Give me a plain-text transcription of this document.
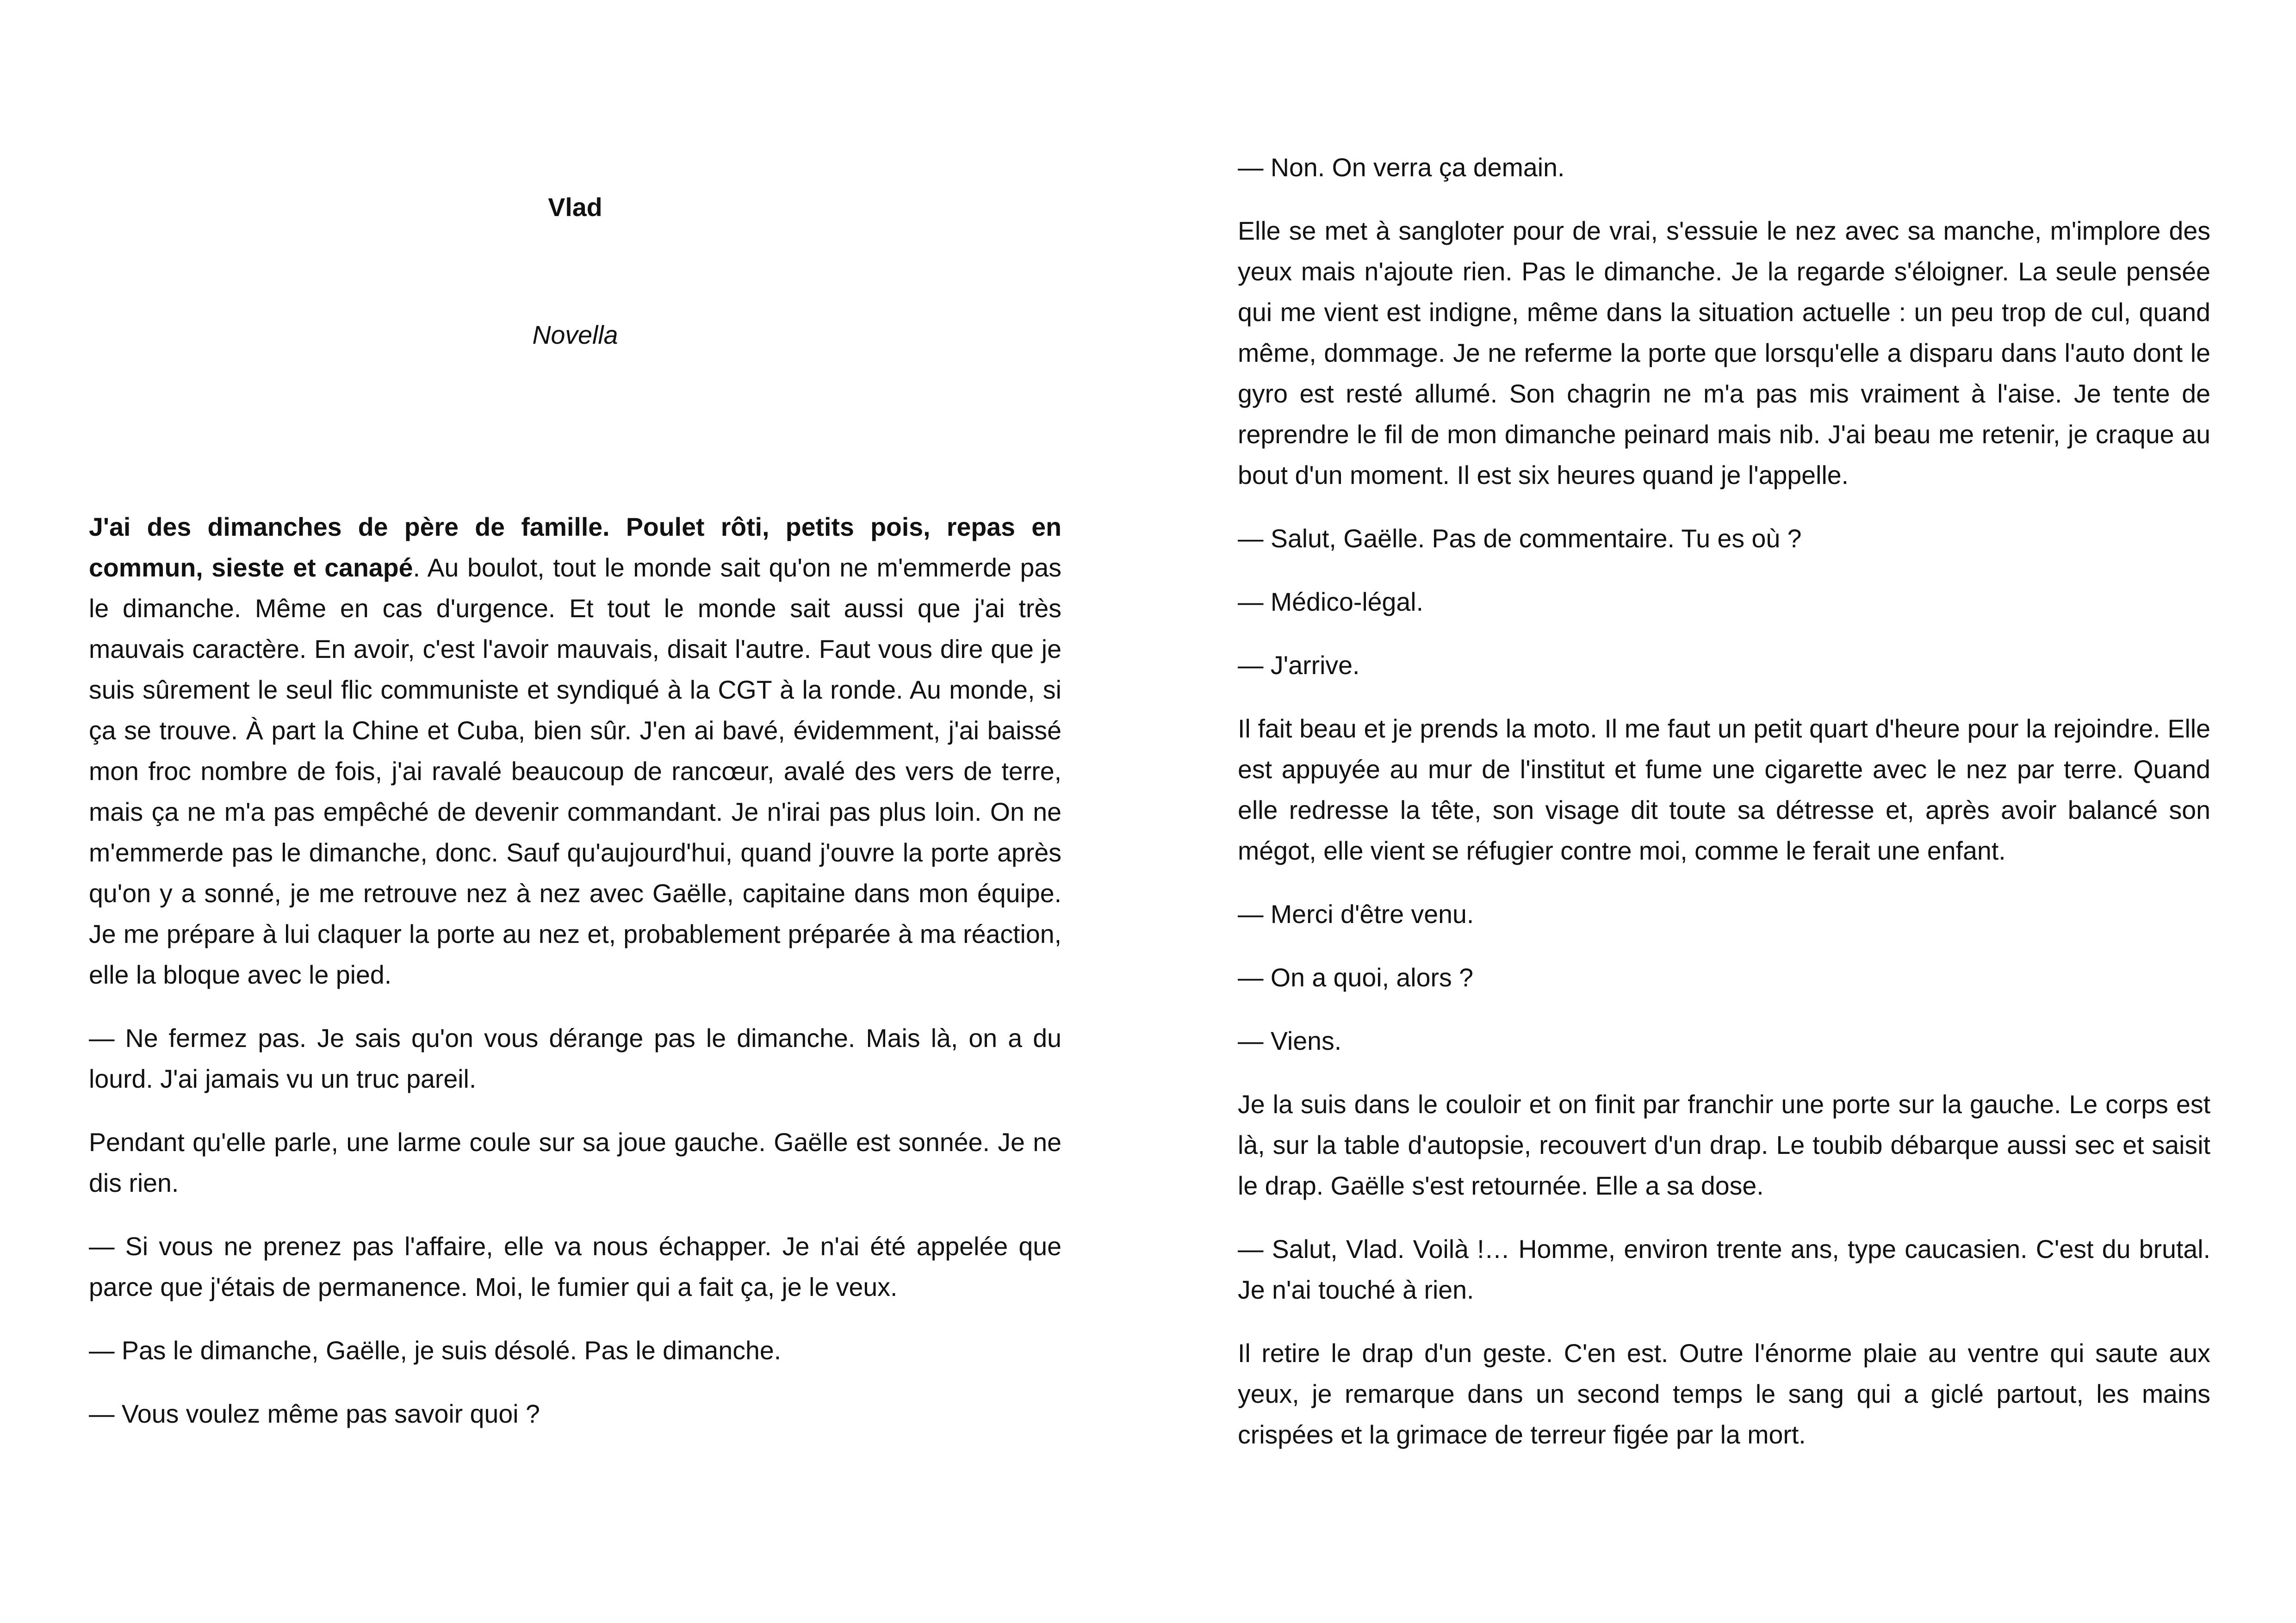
Vlad
Novella

J'ai des dimanches de père de famille. Poulet rôti, petits pois, repas en commun, sieste et canapé. Au boulot, tout le monde sait qu'on ne m'emmerde pas le dimanche. Même en cas d'urgence. Et tout le monde sait aussi que j'ai très mauvais caractère. En avoir, c'est l'avoir mauvais, disait l'autre. Faut vous dire que je suis sûrement le seul flic communiste et syndiqué à la CGT à la ronde. Au monde, si ça se trouve. À part la Chine et Cuba, bien sûr. J'en ai bavé, évidemment, j'ai baissé mon froc nombre de fois, j'ai ravalé beaucoup de rancœur, avalé des vers de terre, mais ça ne m'a pas empêché de devenir commandant. Je n'irai pas plus loin. On ne m'emmerde pas le dimanche, donc. Sauf qu'aujourd'hui, quand j'ouvre la porte après qu'on y a sonné, je me retrouve nez à nez avec Gaëlle, capitaine dans mon équipe. Je me prépare à lui claquer la porte au nez et, probablement préparée à ma réaction, elle la bloque avec le pied.

— Ne fermez pas. Je sais qu'on vous dérange pas le dimanche. Mais là, on a du lourd. J'ai jamais vu un truc pareil.

Pendant qu'elle parle, une larme coule sur sa joue gauche. Gaëlle est sonnée. Je ne dis rien.

— Si vous ne prenez pas l'affaire, elle va nous échapper. Je n'ai été appelée que parce que j'étais de permanence. Moi, le fumier qui a fait ça, je le veux.

— Pas le dimanche, Gaëlle, je suis désolé. Pas le dimanche.

— Vous voulez même pas savoir quoi ?

— Non. On verra ça demain.

Elle se met à sangloter pour de vrai, s'essuie le nez avec sa manche, m'implore des yeux mais n'ajoute rien. Pas le dimanche. Je la regarde s'éloigner. La seule pensée qui me vient est indigne, même dans la situation actuelle : un peu trop de cul, quand même, dommage. Je ne referme la porte que lorsqu'elle a disparu dans l'auto dont le gyro est resté allumé. Son chagrin ne m'a pas mis vraiment à l'aise. Je tente de reprendre le fil de mon dimanche peinard mais nib. J'ai beau me retenir, je craque au bout d'un moment. Il est six heures quand je l'appelle.

— Salut, Gaëlle. Pas de commentaire. Tu es où ?

— Médico-légal.

— J'arrive.

Il fait beau et je prends la moto. Il me faut un petit quart d'heure pour la rejoindre. Elle est appuyée au mur de l'institut et fume une cigarette avec le nez par terre. Quand elle redresse la tête, son visage dit toute sa détresse et, après avoir balancé son mégot, elle vient se réfugier contre moi, comme le ferait une enfant.

— Merci d'être venu.

— On a quoi, alors ?

— Viens.

Je la suis dans le couloir et on finit par franchir une porte sur la gauche. Le corps est là, sur la table d'autopsie, recouvert d'un drap. Le toubib débarque aussi sec et saisit le drap. Gaëlle s'est retournée. Elle a sa dose.

— Salut, Vlad. Voilà !… Homme, environ trente ans, type caucasien. C'est du brutal. Je n'ai touché à rien.

Il retire le drap d'un geste. C'en est. Outre l'énorme plaie au ventre qui saute aux yeux, je remarque dans un second temps le sang qui a giclé partout, les mains crispées et la grimace de terreur figée par la mort.
